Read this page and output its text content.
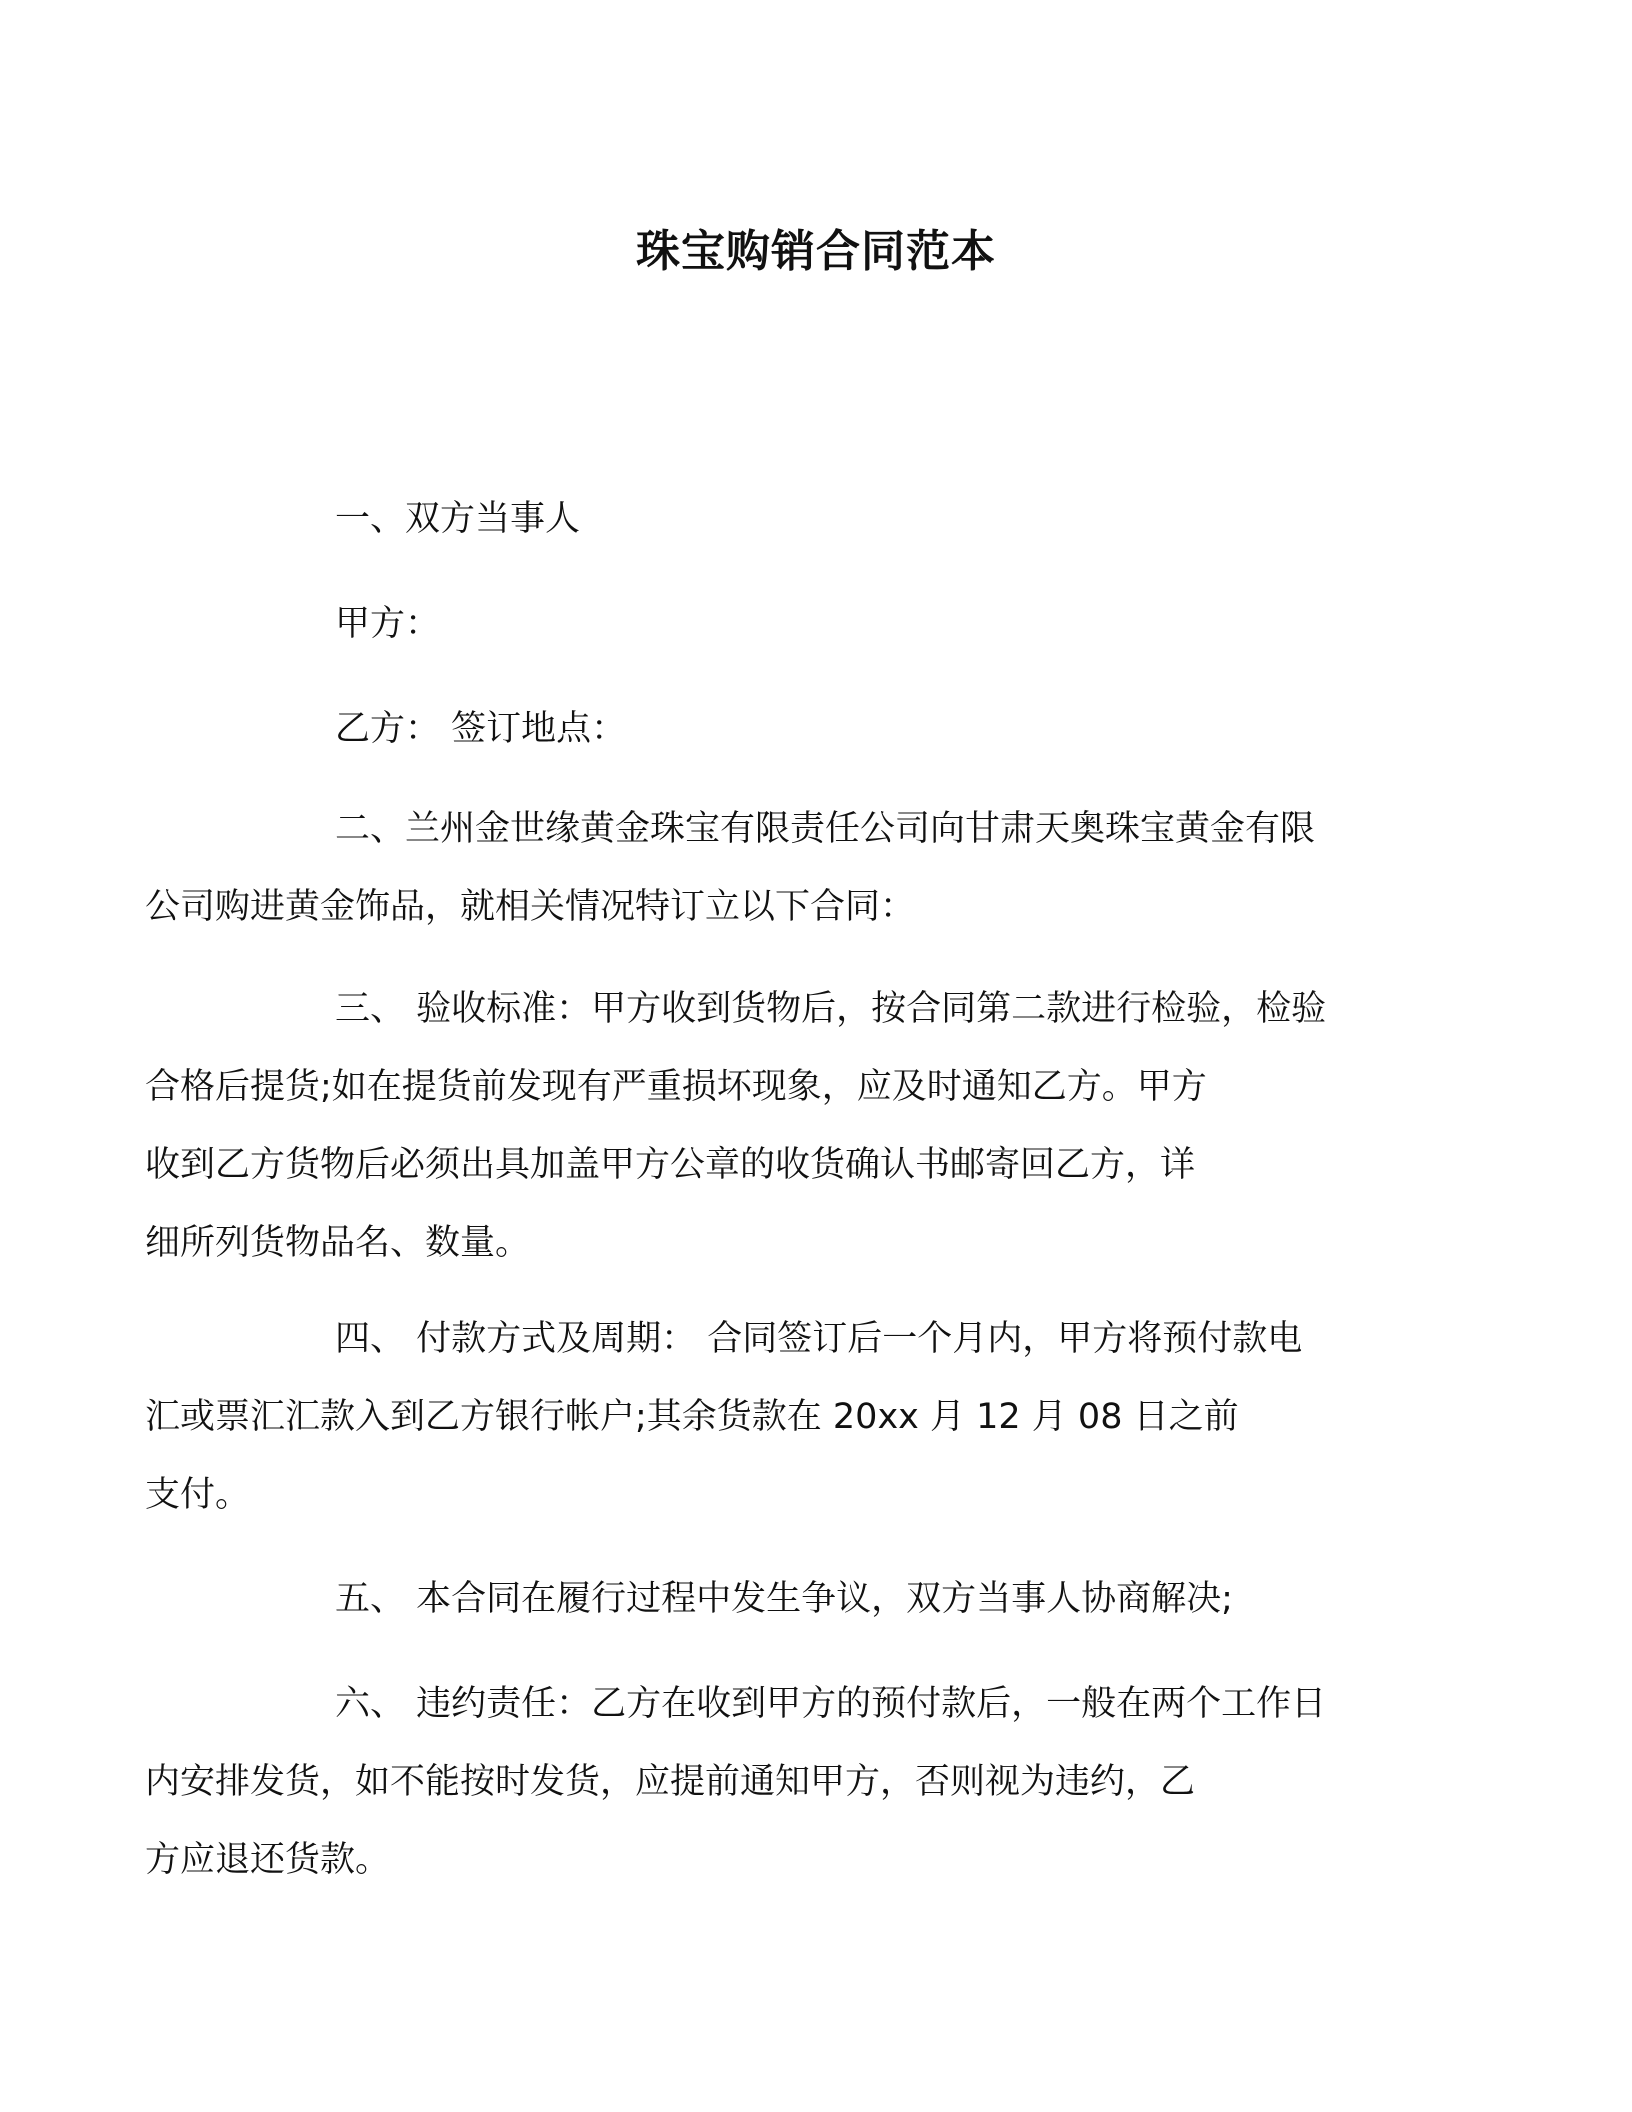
珠宝购销合同范本
一、双方当事人
甲方：
乙方： 签订地点：
二、兰州金世缘黄金珠宝有限责任公司向甘肃天奥珠宝黄金有限
公司购进黄金饰品，就相关情况特订立以下合同：
三、 验收标准：甲方收到货物后，按合同第二款进行检验，检验
合格后提货;如在提货前发现有严重损坏现象，应及时通知乙方。甲方
收到乙方货物后必须出具加盖甲方公章的收货确认书邮寄回乙方，详
细所列货物品名、数量。
四、 付款方式及周期： 合同签订后一个月内，甲方将预付款电
汇或票汇汇款入到乙方银行帐户;其余货款在 20xx 月 12 月 08 日之前
支付。
五、 本合同在履行过程中发生争议，双方当事人协商解决;
六、 违约责任：乙方在收到甲方的预付款后，一般在两个工作日
内安排发货，如不能按时发货，应提前通知甲方，否则视为违约，乙
方应退还货款。
